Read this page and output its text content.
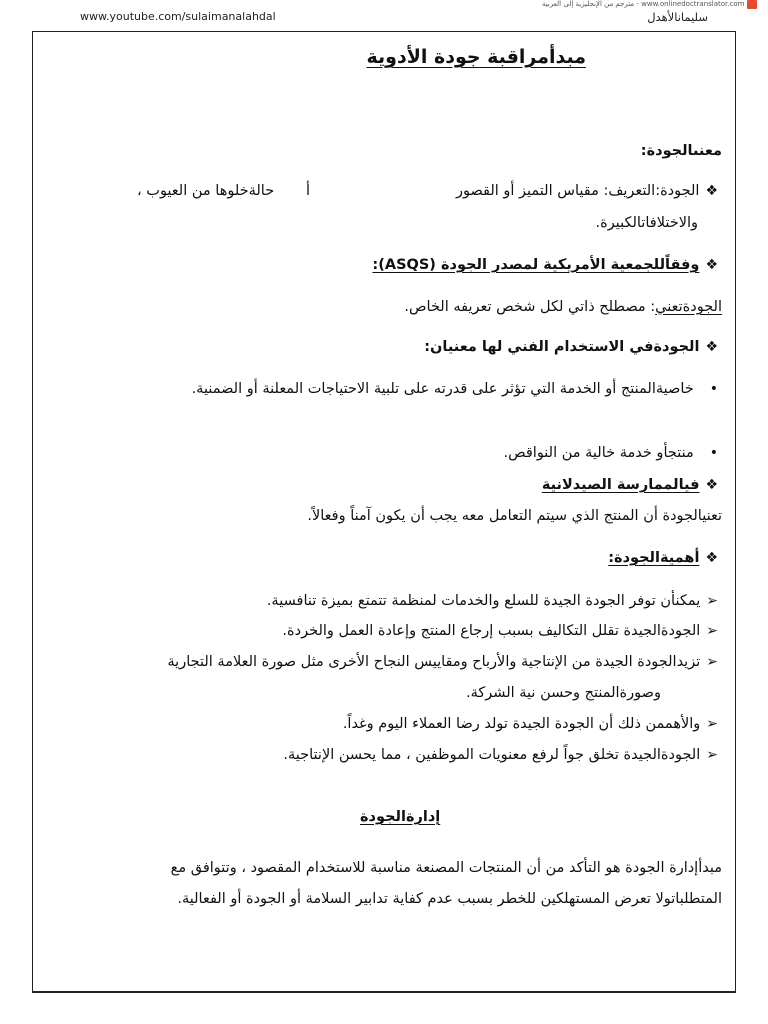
www.youtube.com/sulaimanalahdal
مترجم من الإنجليزية إلى العربية - www.onlinedoctranslator.com
سليمانالأهدل
مبدأمراقبة جودة الأدوية
معنىالجودة:
❖
الجودة:التعريف: مقياس التميز أو القصور
أ
حالةخلوها من العيوب ،
والاختلافاتالكبيرة.
❖
وفقاًللجمعية الأمريكية لمصدر الجودة (ASQS):
الجودةتعني: مصطلح ذاتي لكل شخص تعريفه الخاص.
❖
الجودةفي الاستخدام الفني لها معنيان:
•
خاصيةالمنتج أو الخدمة التي تؤثر على قدرته على تلبية الاحتياجات المعلنة أو الضمنية.
•
منتجأو خدمة خالية من النواقص.
❖
فيالممارسة الصيدلانية
تعنيالجودة أن المنتج الذي سيتم التعامل معه يجب أن يكون آمناً وفعالاً.
❖
أهميةالجودة:
➢
يمكنأن توفر الجودة الجيدة للسلع والخدمات لمنظمة تتمتع بميزة تنافسية.
➢
الجودةالجيدة تقلل التكاليف بسبب إرجاع المنتج وإعادة العمل والخردة.
➢
تزيدالجودة الجيدة من الإنتاجية والأرباح ومقاييس النجاح الأخرى مثل صورة العلامة التجارية
وصورةالمنتج وحسن نية الشركة.
➢
والأهممن ذلك أن الجودة الجيدة تولد رضا العملاء اليوم وغداً.
➢
الجودةالجيدة تخلق جواً لرفع معنويات الموظفين ، مما يحسن الإنتاجية.
إدارةالجودة
مبدأإدارة الجودة هو التأكد من أن المنتجات المصنعة مناسبة للاستخدام المقصود ، وتتوافق مع
المتطلباتولا تعرض المستهلكين للخطر بسبب عدم كفاية تدابير السلامة أو الجودة أو الفعالية.
